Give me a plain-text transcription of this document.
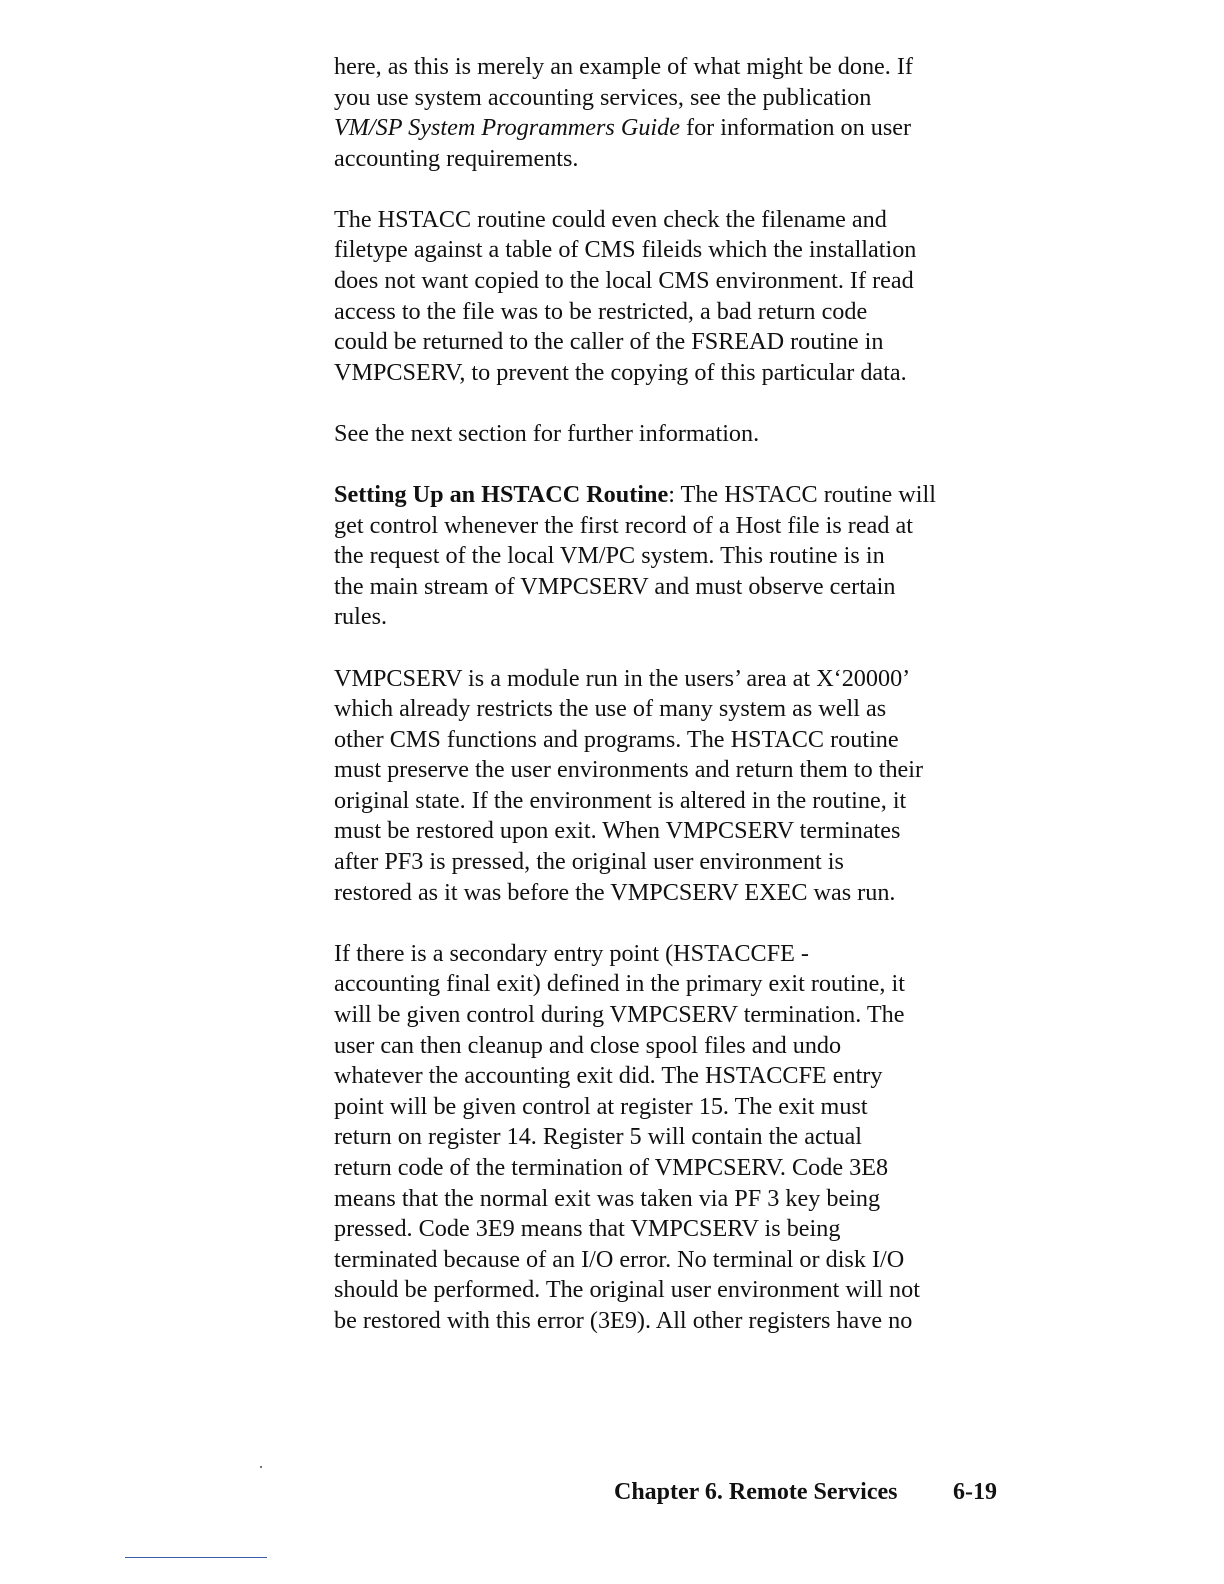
here, as this is merely an example of what might be done. If
you use system accounting services, see the publication
VM/SP System Programmers Guide for information on user
accounting requirements.

The HSTACC routine could even check the filename and
filetype against a table of CMS fileids which the installation
does not want copied to the local CMS environment. If read
access to the file was to be restricted, a bad return code
could be returned to the caller of the FSREAD routine in
VMPCSERV, to prevent the copying of this particular data.

See the next section for further information.

Setting Up an HSTACC Routine: The HSTACC routine will
get control whenever the first record of a Host file is read at
the request of the local VM/PC system. This routine is in
the main stream of VMPCSERV and must observe certain
rules.

VMPCSERV is a module run in the users’ area at X‘20000’
which already restricts the use of many system as well as
other CMS functions and programs. The HSTACC routine
must preserve the user environments and return them to their
original state. If the environment is altered in the routine, it
must be restored upon exit. When VMPCSERV terminates
after PF3 is pressed, the original user environment is
restored as it was before the VMPCSERV EXEC was run.

If there is a secondary entry point (HSTACCFE -
accounting final exit) defined in the primary exit routine, it
will be given control during VMPCSERV termination. The
user can then cleanup and close spool files and undo
whatever the accounting exit did. The HSTACCFE entry
point will be given control at register 15. The exit must
return on register 14. Register 5 will contain the actual
return code of the termination of VMPCSERV. Code 3E8
means that the normal exit was taken via PF 3 key being
pressed. Code 3E9 means that VMPCSERV is being
terminated because of an I/O error. No terminal or disk I/O
should be performed. The original user environment will not
be restored with this error (3E9). All other registers have no

Chapter 6. Remote Services 6-19
